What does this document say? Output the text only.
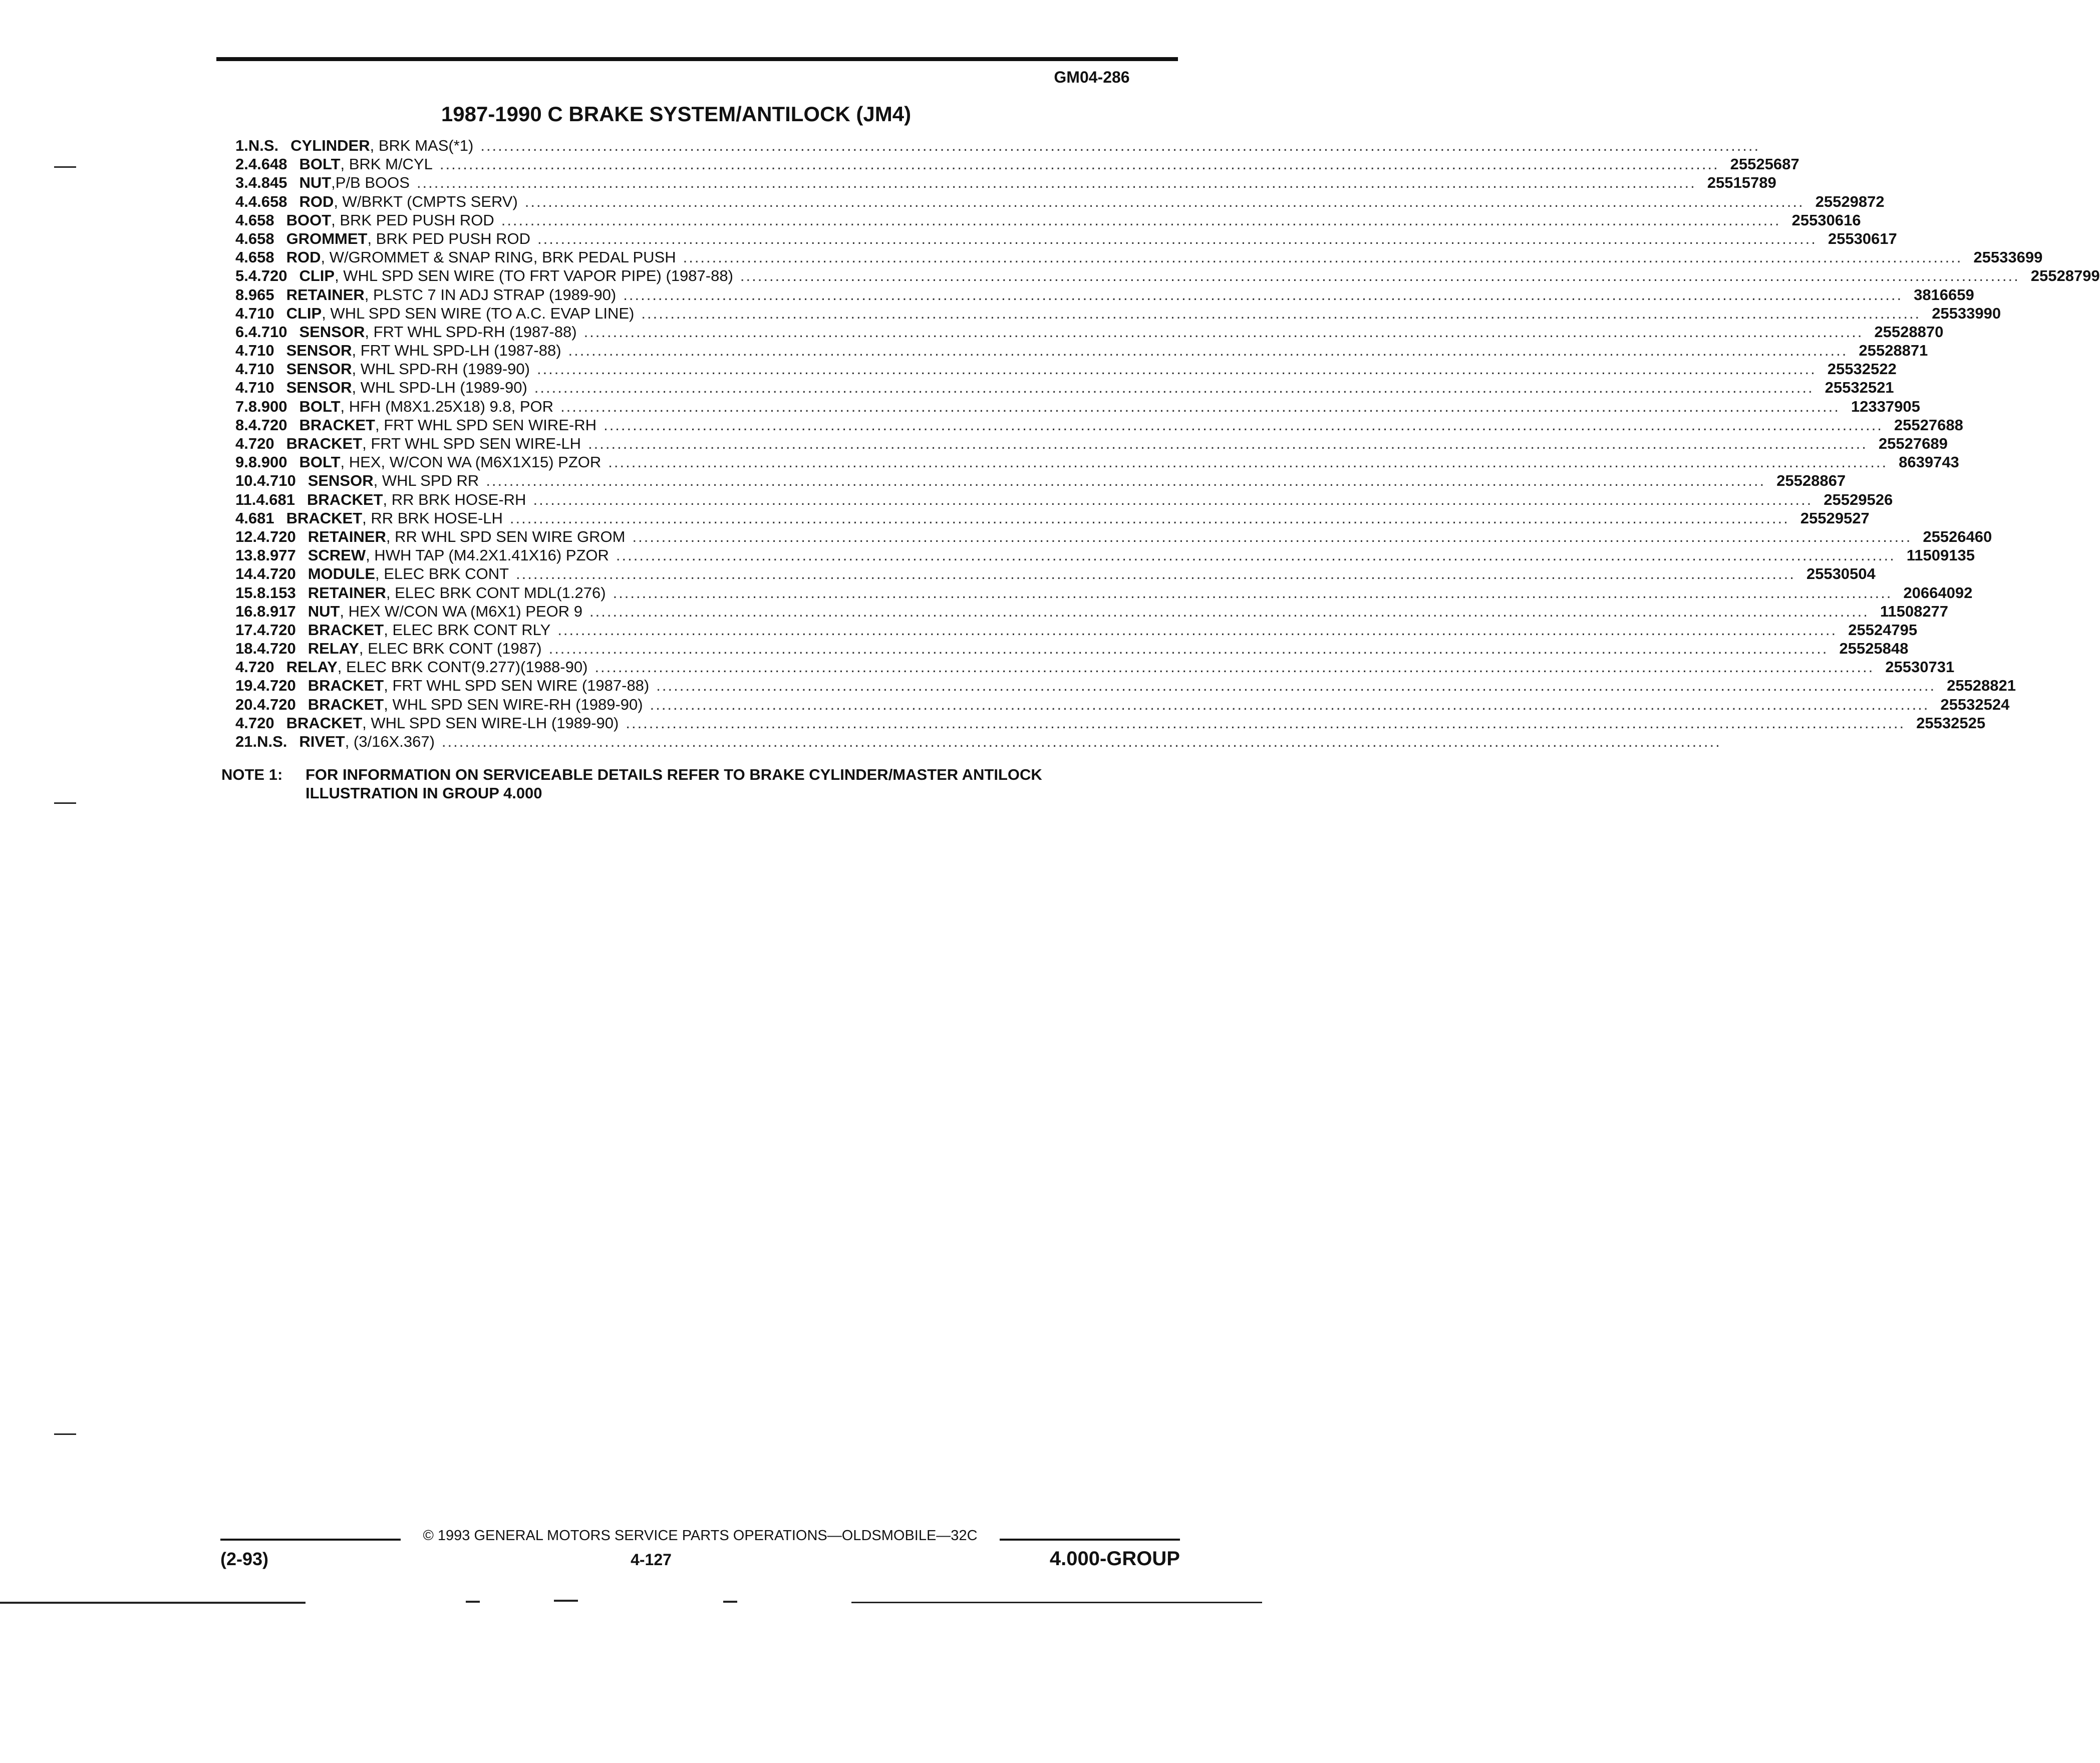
GM04-286
1987-1990 C BRAKE SYSTEM/ANTILOCK (JM4)
1. N.S. CYLINDER , BRK MAS(*1) ............................................................................................................................................................................................................................
2. 4.648 BOLT , BRK M/CYL ............................................................................................................................................................................................................................ 25525687
3. 4.845 NUT ,P/B BOOS ............................................................................................................................................................................................................................ 25515789
4. 4.658 ROD , W/BRKT (CMPTS SERV) ............................................................................................................................................................................................................................ 25529872
4.658 BOOT , BRK PED PUSH ROD ............................................................................................................................................................................................................................ 25530616
4.658 GROMMET , BRK PED PUSH ROD ............................................................................................................................................................................................................................ 25530617
4.658 ROD , W/GROMMET & SNAP RING, BRK PEDAL PUSH ............................................................................................................................................................................................................................ 25533699
5. 4.720 CLIP , WHL SPD SEN WIRE (TO FRT VAPOR PIPE) (1987-88) ............................................................................................................................................................................................................................ 25528799
8.965 RETAINER , PLSTC 7 IN ADJ STRAP (1989-90) ............................................................................................................................................................................................................................ 3816659
4.710 CLIP , WHL SPD SEN WIRE (TO A.C. EVAP LINE) ............................................................................................................................................................................................................................ 25533990
6. 4.710 SENSOR , FRT WHL SPD-RH (1987-88) ............................................................................................................................................................................................................................ 25528870
4.710 SENSOR , FRT WHL SPD-LH (1987-88) ............................................................................................................................................................................................................................ 25528871
4.710 SENSOR , WHL SPD-RH (1989-90) ............................................................................................................................................................................................................................ 25532522
4.710 SENSOR , WHL SPD-LH (1989-90) ............................................................................................................................................................................................................................ 25532521
7. 8.900 BOLT , HFH (M8X1.25X18) 9.8, POR ............................................................................................................................................................................................................................ 12337905
8. 4.720 BRACKET , FRT WHL SPD SEN WIRE-RH ............................................................................................................................................................................................................................ 25527688
4.720 BRACKET , FRT WHL SPD SEN WIRE-LH ............................................................................................................................................................................................................................ 25527689
9. 8.900 BOLT , HEX, W/CON WA (M6X1X15) PZOR ............................................................................................................................................................................................................................ 8639743
10. 4.710 SENSOR , WHL SPD RR ............................................................................................................................................................................................................................ 25528867
11. 4.681 BRACKET , RR BRK HOSE-RH ............................................................................................................................................................................................................................ 25529526
4.681 BRACKET , RR BRK HOSE-LH ............................................................................................................................................................................................................................ 25529527
12. 4.720 RETAINER , RR WHL SPD SEN WIRE GROM ............................................................................................................................................................................................................................ 25526460
13. 8.977 SCREW , HWH TAP (M4.2X1.41X16) PZOR ............................................................................................................................................................................................................................ 11509135
14. 4.720 MODULE , ELEC BRK CONT ............................................................................................................................................................................................................................ 25530504
15. 8.153 RETAINER , ELEC BRK CONT MDL(1.276) ............................................................................................................................................................................................................................ 20664092
16. 8.917 NUT , HEX W/CON WA (M6X1) PEOR 9 ............................................................................................................................................................................................................................ 11508277
17. 4.720 BRACKET , ELEC BRK CONT RLY ............................................................................................................................................................................................................................ 25524795
18. 4.720 RELAY , ELEC BRK CONT (1987) ............................................................................................................................................................................................................................ 25525848
4.720 RELAY , ELEC BRK CONT(9.277)(1988-90) ............................................................................................................................................................................................................................ 25530731
19. 4.720 BRACKET , FRT WHL SPD SEN WIRE (1987-88) ............................................................................................................................................................................................................................ 25528821
20. 4.720 BRACKET , WHL SPD SEN WIRE-RH (1989-90) ............................................................................................................................................................................................................................ 25532524
4.720 BRACKET , WHL SPD SEN WIRE-LH (1989-90) ............................................................................................................................................................................................................................ 25532525
21. N.S. RIVET , (3/16X.367) ............................................................................................................................................................................................................................
NOTE 1: FOR INFORMATION ON SERVICEABLE DETAILS REFER TO BRAKE CYLINDER/MASTER ANTILOCK
ILLUSTRATION IN GROUP 4.000
© 1993 GENERAL MOTORS SERVICE PARTS OPERATIONS—OLDSMOBILE—32C
(2-93)	4-127	4.000-GROUP
